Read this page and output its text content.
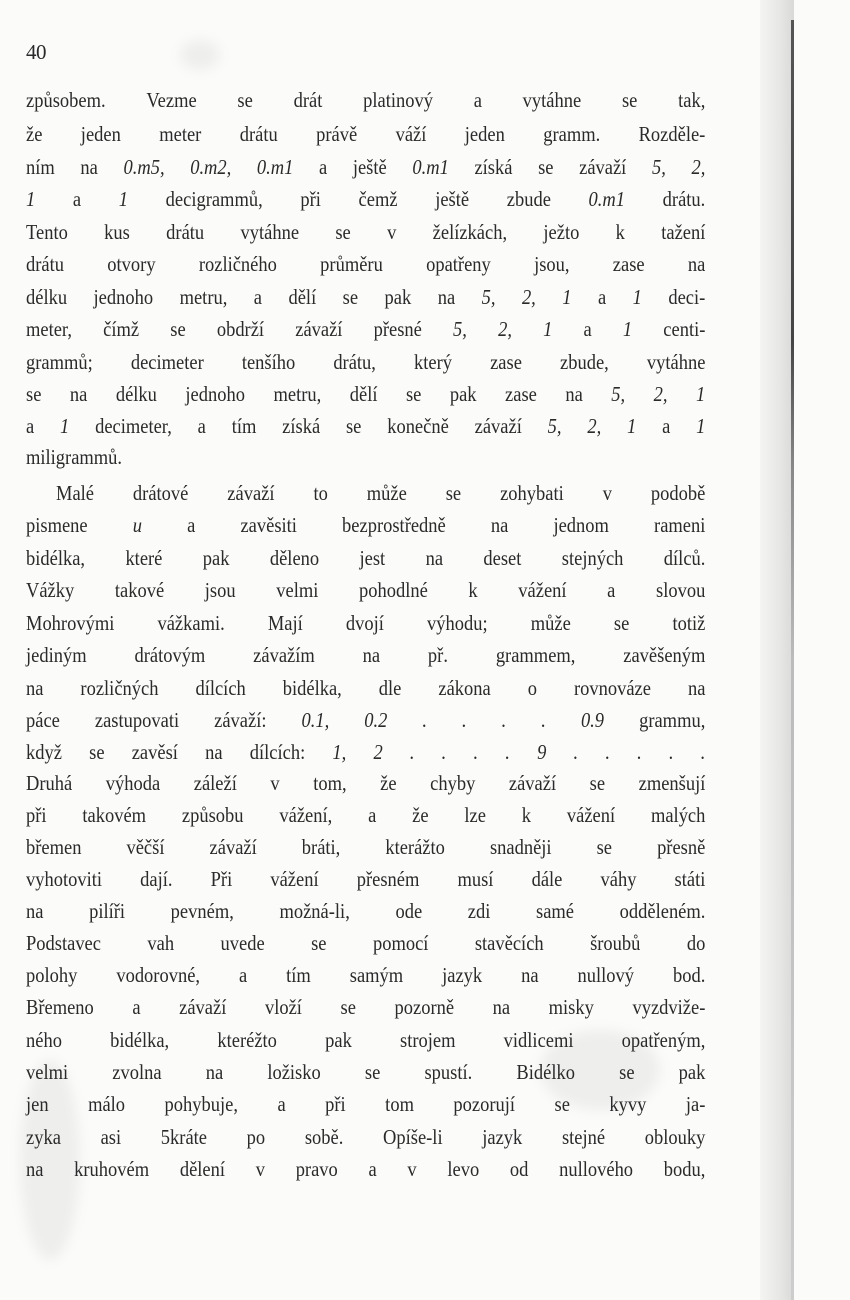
40
způsobem. Vezme se drát platinový a vytáhne se tak,
že jeden meter drátu právě váží jeden gramm. Rozděle-
ním na 0.m5, 0.m2, 0.m1 a ještě 0.m1 získá se závaží 5, 2,
1 a 1 decigrammů, při čemž ještě zbude 0.m1 drátu.
Tento kus drátu vytáhne se v želízkách, ježto k tažení
drátu otvory rozličného průměru opatřeny jsou, zase na
délku jednoho metru, a dělí se pak na 5, 2, 1 a 1 deci-
meter, čímž se obdrží závaží přesné 5, 2, 1 a 1 centi-
grammů; decimeter tenšího drátu, který zase zbude, vytáhne
se na délku jednoho metru, dělí se pak zase na 5, 2, 1
a 1 decimeter, a tím získá se konečně závaží 5, 2, 1 a 1
miligrammů.
Malé drátové závaží to může se zohybati v podobě
pismene u a zavěsiti bezprostředně na jednom rameni
bidélka, které pak děleno jest na deset stejných dílců.
Vážky takové jsou velmi pohodlné k vážení a slovou
Mohrovými vážkami. Mají dvojí výhodu; může se totiž
jediným drátovým závažím na př. grammem, zavěšeným
na rozličných dílcích bidélka, dle zákona o rovnováze na
páce zastupovati závaží: 0.1, 0.2 . . . . 0.9 grammu,
když se zavěsí na dílcích: 1, 2 . . . . 9 . . . . .
Druhá výhoda záleží v tom, že chyby závaží se zmenšují
při takovém způsobu vážení, a že lze k vážení malých
břemen věčší závaží bráti, kterážto snadněji se přesně
vyhotoviti dají. Při vážení přesném musí dále váhy státi
na pilíři pevném, možná-li, ode zdi samé odděleném.
Podstavec vah uvede se pomocí stavěcích šroubů do
polohy vodorovné, a tím samým jazyk na nullový bod.
Břemeno a závaží vloží se pozorně na misky vyzdviže-
ného bidélka, kteréžto pak strojem vidlicemi opatřeným,
velmi zvolna na ložisko se spustí. Bidélko se pak
jen málo pohybuje, a při tom pozorují se kyvy ja-
zyka asi 5kráte po sobě. Opíše-li jazyk stejné oblouky
na kruhovém dělení v pravo a v levo od nullového bodu,
